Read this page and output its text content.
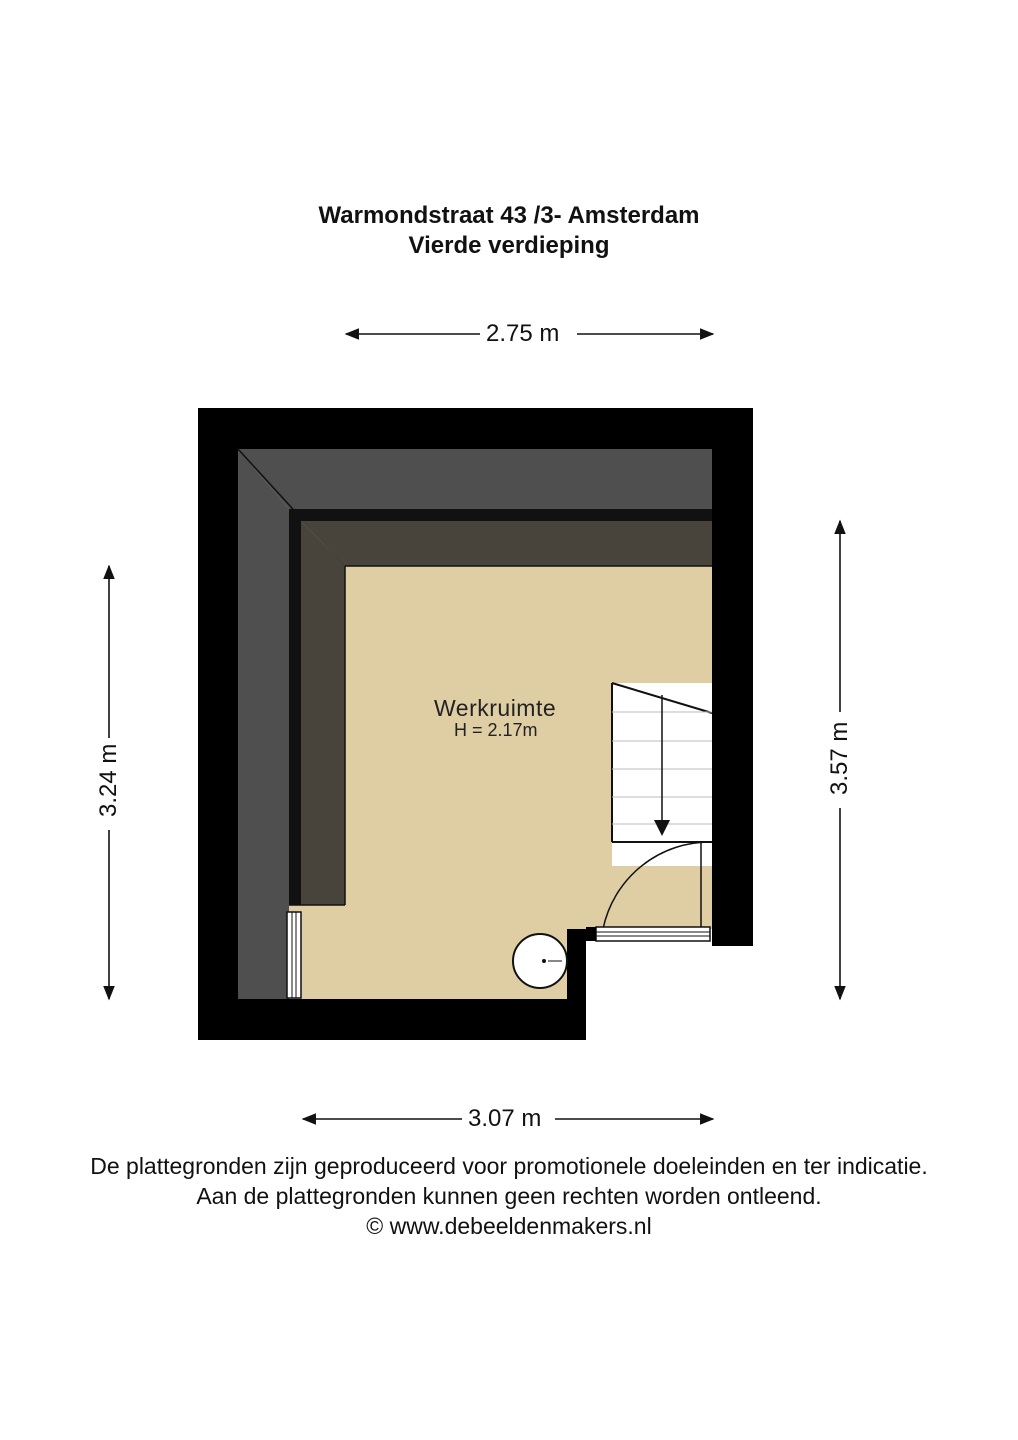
Warmondstraat 43 /3- Amsterdam
Vierde verdieping
2.75 m
3.07 m
3.24 m	3.57 m
Werkruimte
H = 2.17m
De plattegronden zijn geproduceerd voor promotionele doeleinden en ter indicatie.
Aan de plattegronden kunnen geen rechten worden ontleend.
© www.debeeldenmakers.nl
